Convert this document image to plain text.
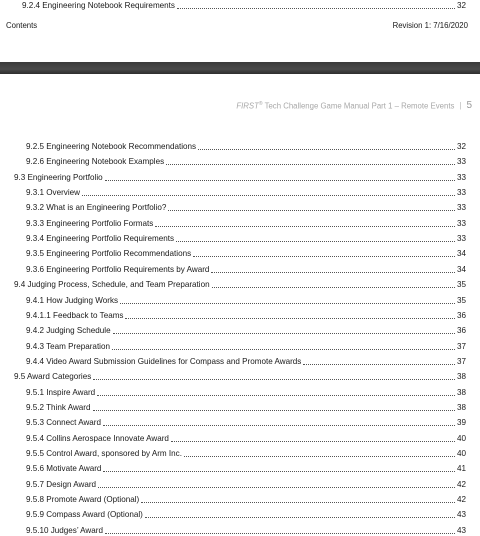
9.2.4 Engineering Notebook Requirements	32
Contents	Revision 1: 7/16/2020
FIRST® Tech Challenge Game Manual Part 1 – Remote Events | 5
9.2.5 Engineering Notebook Recommendations	32
9.2.6 Engineering Notebook Examples	33
9.3 Engineering Portfolio	33
9.3.1 Overview	33
9.3.2 What is an Engineering Portfolio?	33
9.3.3 Engineering Portfolio Formats	33
9.3.4 Engineering Portfolio Requirements	33
9.3.5 Engineering Portfolio Recommendations	34
9.3.6 Engineering Portfolio Requirements by Award	34
9.4 Judging Process, Schedule, and Team Preparation	35
9.4.1 How Judging Works	35
9.4.1.1 Feedback to Teams	36
9.4.2 Judging Schedule	36
9.4.3 Team Preparation	37
9.4.4 Video Award Submission Guidelines for Compass and Promote Awards	37
9.5 Award Categories	38
9.5.1 Inspire Award	38
9.5.2 Think Award	38
9.5.3 Connect Award	39
9.5.4 Collins Aerospace Innovate Award	40
9.5.5 Control Award, sponsored by Arm Inc.	40
9.5.6 Motivate Award	41
9.5.7 Design Award	42
9.5.8 Promote Award (Optional)	42
9.5.9 Compass Award (Optional)	43
9.5.10 Judges’ Award	43
